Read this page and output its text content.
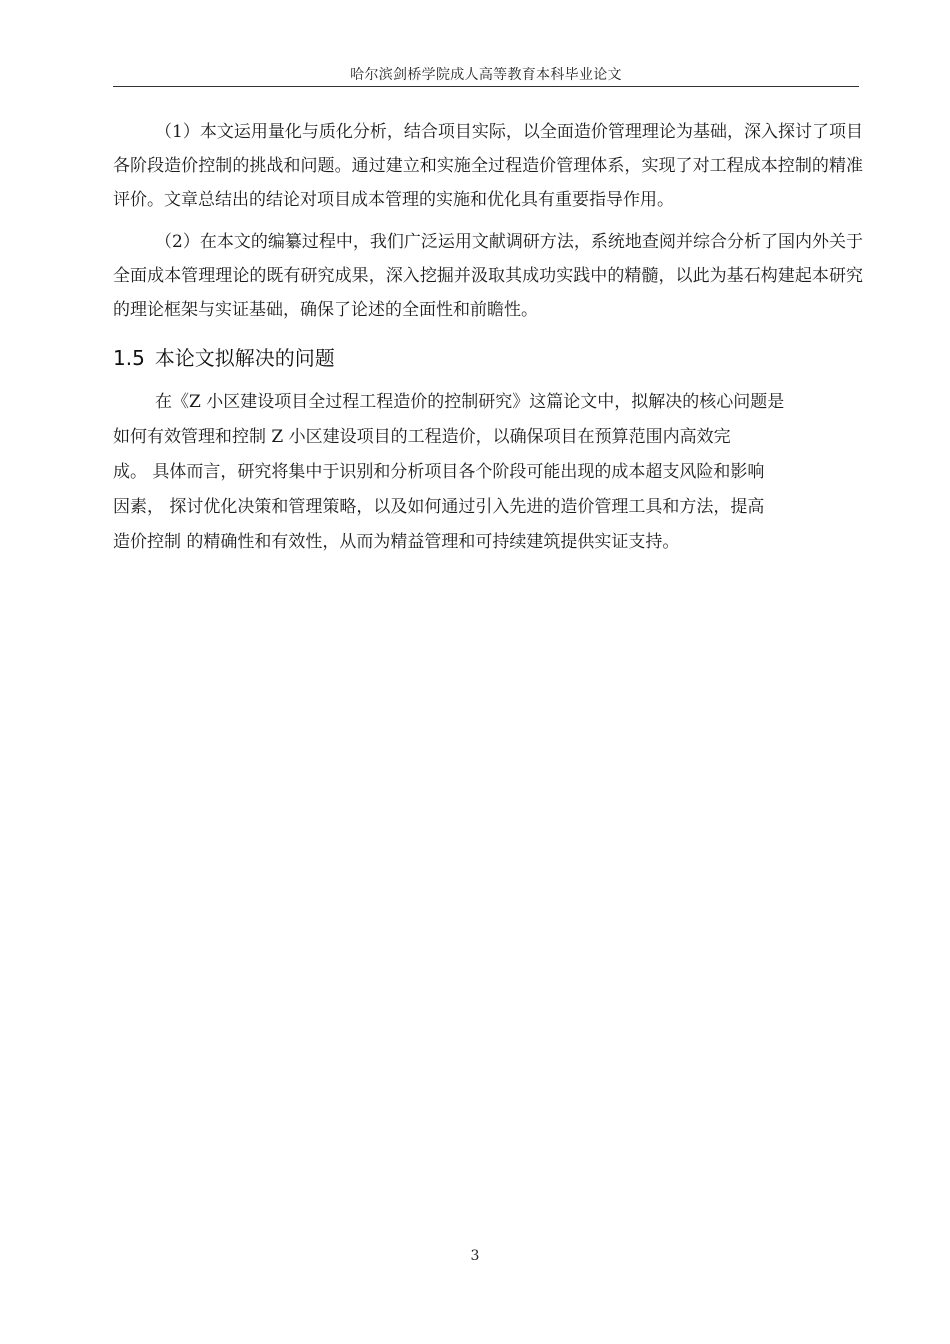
哈尔滨剑桥学院成人高等教育本科毕业论文

（1）本文运用量化与质化分析，结合项目实际，以全面造价管理理论为基础，深入探讨了项目各阶段造价控制的挑战和问题。通过建立和实施全过程造价管理体系，实现了对工程成本控制的精准评价。文章总结出的结论对项目成本管理的实施和优化具有重要指导作用。

（2）在本文的编纂过程中，我们广泛运用文献调研方法，系统地查阅并综合分析了国内外关于全面成本管理理论的既有研究成果，深入挖掘并汲取其成功实践中的精髓，以此为基石构建起本研究的理论框架与实证基础，确保了论述的全面性和前瞻性。

1.5 本论文拟解决的问题
在《Z 小区建设项目全过程工程造价的控制研究》这篇论文中，拟解决的核心问题是
如何有效管理和控制 Z 小区建设项目的工程造价，以确保项目在预算范围内高效完
成。 具体而言，研究将集中于识别和分析项目各个阶段可能出现的成本超支风险和影响
因素， 探讨优化决策和管理策略，以及如何通过引入先进的造价管理工具和方法，提高
造价控制 的精确性和有效性，从而为精益管理和可持续建筑提供实证支持。
3
